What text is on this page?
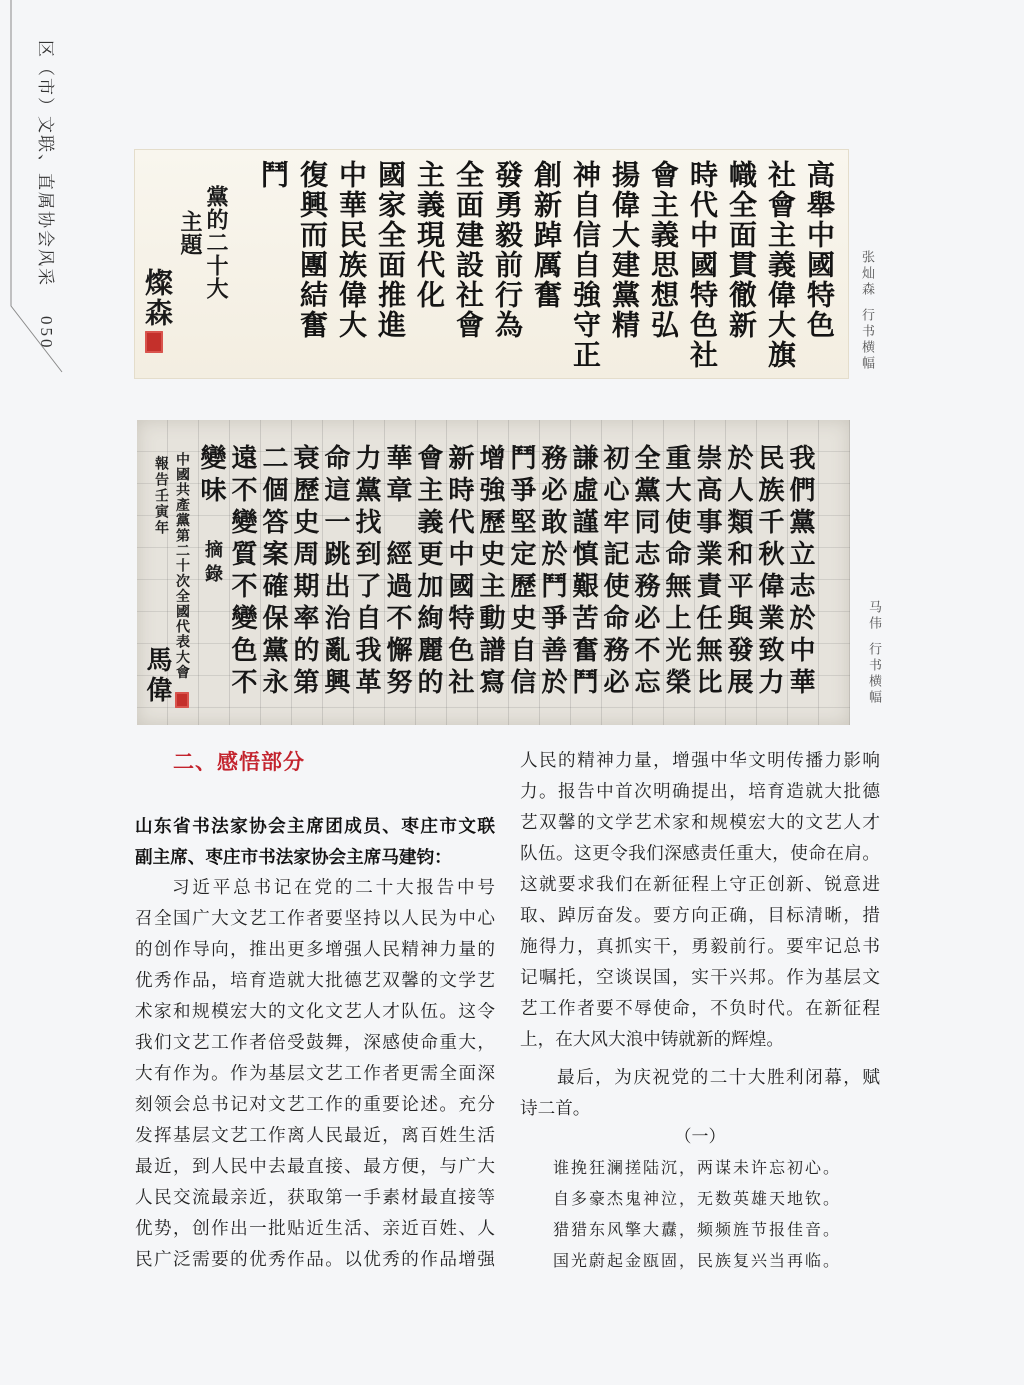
区（市）文联、直属协会风采
050	高舉中國特色
社會主義偉大旗
幟全面貫徹新
時代中國特色社
會主義思想弘
揚偉大建黨精
神自信自強守正
創新踔厲奮
發勇毅前行為
全面建設社會
主義現代化
國家全面推進
中華民族偉大
復興而團結奮
鬥
黨的二十大
主題
燦森	张灿森行书横幅
我們黨立志於中華
民族千秋偉業致力
於人類和平與發展
崇高事業責任無比
重大使命無上光榮
全黨同志務必不忘
初心牢記使命務必
謙虛謹慎艱苦奮鬥
務必敢於鬥爭善於
鬥爭堅定歷史自信
增強歷史主動譜寫
新時代中國特色社
會主義更加絢麗的
華章　經過不懈努
力黨找到了自我革
命這一跳出治亂興
衰歷史周期率的第
二個答案確保黨永
遠不變質不變色不
變味
摘錄
中國共產黨第二十次全國代表大會
報告壬寅年
馬偉
马伟行书横幅
二、感悟部分
山东省书法家协会主席团成员、枣庄市文联
副主席、枣庄市书法家协会主席马建钧：
习近平总书记在党的二十大报告中号
召全国广大文艺工作者要坚持以人民为中心
的创作导向，推出更多增强人民精神力量的
优秀作品，培育造就大批德艺双馨的文学艺
术家和规模宏大的文化文艺人才队伍。这令
我们文艺工作者倍受鼓舞，深感使命重大，
大有作为。作为基层文艺工作者更需全面深
刻领会总书记对文艺工作的重要论述。充分
发挥基层文艺工作离人民最近，离百姓生活
最近，到人民中去最直接、最方便，与广大
人民交流最亲近，获取第一手素材最直接等
优势，创作出一批贴近生活、亲近百姓、人
民广泛需要的优秀作品。以优秀的作品增强
人民的精神力量，增强中华文明传播力影响
力。报告中首次明确提出，培育造就大批德
艺双馨的文学艺术家和规模宏大的文艺人才
队伍。这更令我们深感责任重大，使命在肩。
这就要求我们在新征程上守正创新、锐意进
取、踔厉奋发。要方向正确，目标清晰，措
施得力，真抓实干，勇毅前行。要牢记总书
记嘱托，空谈误国，实干兴邦。作为基层文
艺工作者要不辱使命，不负时代。在新征程
上，在大风大浪中铸就新的辉煌。
最后，为庆祝党的二十大胜利闭幕，赋
诗二首。
（一）
谁挽狂澜搓陆沉，两谋未许忘初心。
自多豪杰鬼神泣，无数英雄天地钦。
猎猎东风擎大纛，频频旌节报佳音。
国光蔚起金瓯固，民族复兴当再临。
